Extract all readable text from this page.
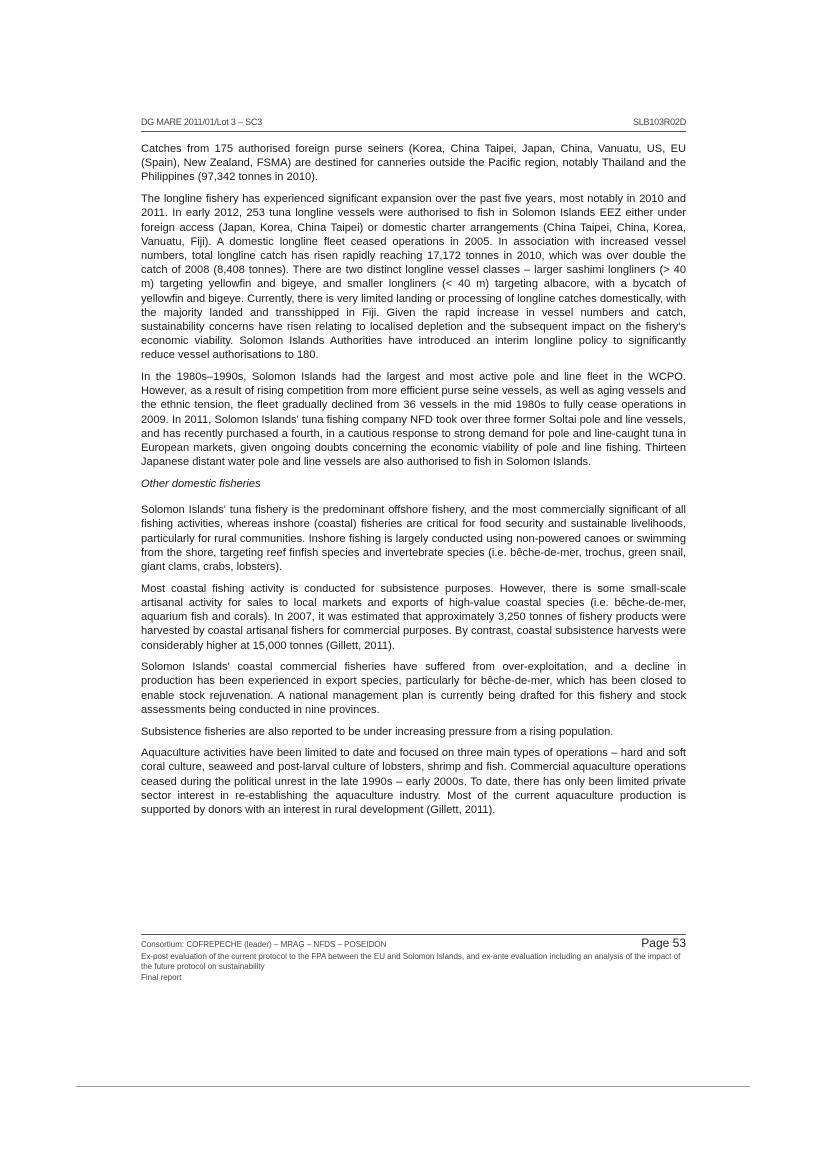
DG MARE 2011/01/Lot 3 – SC3	SLB103R02D

Catches from 175 authorised foreign purse seiners (Korea, China Taipei, Japan, China, Vanuatu, US, EU (Spain), New Zealand, FSMA) are destined for canneries outside the Pacific region, notably Thailand and the Philippines (97,342 tonnes in 2010).

The longline fishery has experienced significant expansion over the past five years, most notably in 2010 and 2011. In early 2012, 253 tuna longline vessels were authorised to fish in Solomon Islands EEZ either under foreign access (Japan, Korea, China Taipei) or domestic charter arrangements (China Taipei, China, Korea, Vanuatu, Fiji). A domestic longline fleet ceased operations in 2005. In association with increased vessel numbers, total longline catch has risen rapidly reaching 17,172 tonnes in 2010, which was over double the catch of 2008 (8,408 tonnes). There are two distinct longline vessel classes – larger sashimi longliners (> 40 m) targeting yellowfin and bigeye, and smaller longliners (< 40 m) targeting albacore, with a bycatch of yellowfin and bigeye. Currently, there is very limited landing or processing of longline catches domestically, with the majority landed and transshipped in Fiji. Given the rapid increase in vessel numbers and catch, sustainability concerns have risen relating to localised depletion and the subsequent impact on the fishery's economic viability. Solomon Islands Authorities have introduced an interim longline policy to significantly reduce vessel authorisations to 180.

In the 1980s–1990s, Solomon Islands had the largest and most active pole and line fleet in the WCPO. However, as a result of rising competition from more efficient purse seine vessels, as well as aging vessels and the ethnic tension, the fleet gradually declined from 36 vessels in the mid 1980s to fully cease operations in 2009. In 2011, Solomon Islands' tuna fishing company NFD took over three former Soltai pole and line vessels, and has recently purchased a fourth, in a cautious response to strong demand for pole and line-caught tuna in European markets, given ongoing doubts concerning the economic viability of pole and line fishing. Thirteen Japanese distant water pole and line vessels are also authorised to fish in Solomon Islands.

Other domestic fisheries

Solomon Islands' tuna fishery is the predominant offshore fishery, and the most commercially significant of all fishing activities, whereas inshore (coastal) fisheries are critical for food security and sustainable livelihoods, particularly for rural communities. Inshore fishing is largely conducted using non-powered canoes or swimming from the shore, targeting reef finfish species and invertebrate species (i.e. bêche-de-mer, trochus, green snail, giant clams, crabs, lobsters).

Most coastal fishing activity is conducted for subsistence purposes. However, there is some small-scale artisanal activity for sales to local markets and exports of high-value coastal species (i.e. bêche-de-mer, aquarium fish and corals). In 2007, it was estimated that approximately 3,250 tonnes of fishery products were harvested by coastal artisanal fishers for commercial purposes. By contrast, coastal subsistence harvests were considerably higher at 15,000 tonnes (Gillett, 2011).

Solomon Islands' coastal commercial fisheries have suffered from over-exploitation, and a decline in production has been experienced in export species, particularly for bêche-de-mer, which has been closed to enable stock rejuvenation. A national management plan is currently being drafted for this fishery and stock assessments being conducted in nine provinces.

Subsistence fisheries are also reported to be under increasing pressure from a rising population.

Aquaculture activities have been limited to date and focused on three main types of operations – hard and soft coral culture, seaweed and post-larval culture of lobsters, shrimp and fish. Commercial aquaculture operations ceased during the political unrest in the late 1990s – early 2000s. To date, there has only been limited private sector interest in re-establishing the aquaculture industry. Most of the current aquaculture production is supported by donors with an interest in rural development (Gillett, 2011).

Consortium: COFREPECHE (leader) – MRAG – NFDS – POSEIDON	Page 53
Ex-post evaluation of the current protocol to the FPA between the EU and Solomon Islands, and ex-ante evaluation including an analysis of the impact of the future protocol on sustainability
Final report
